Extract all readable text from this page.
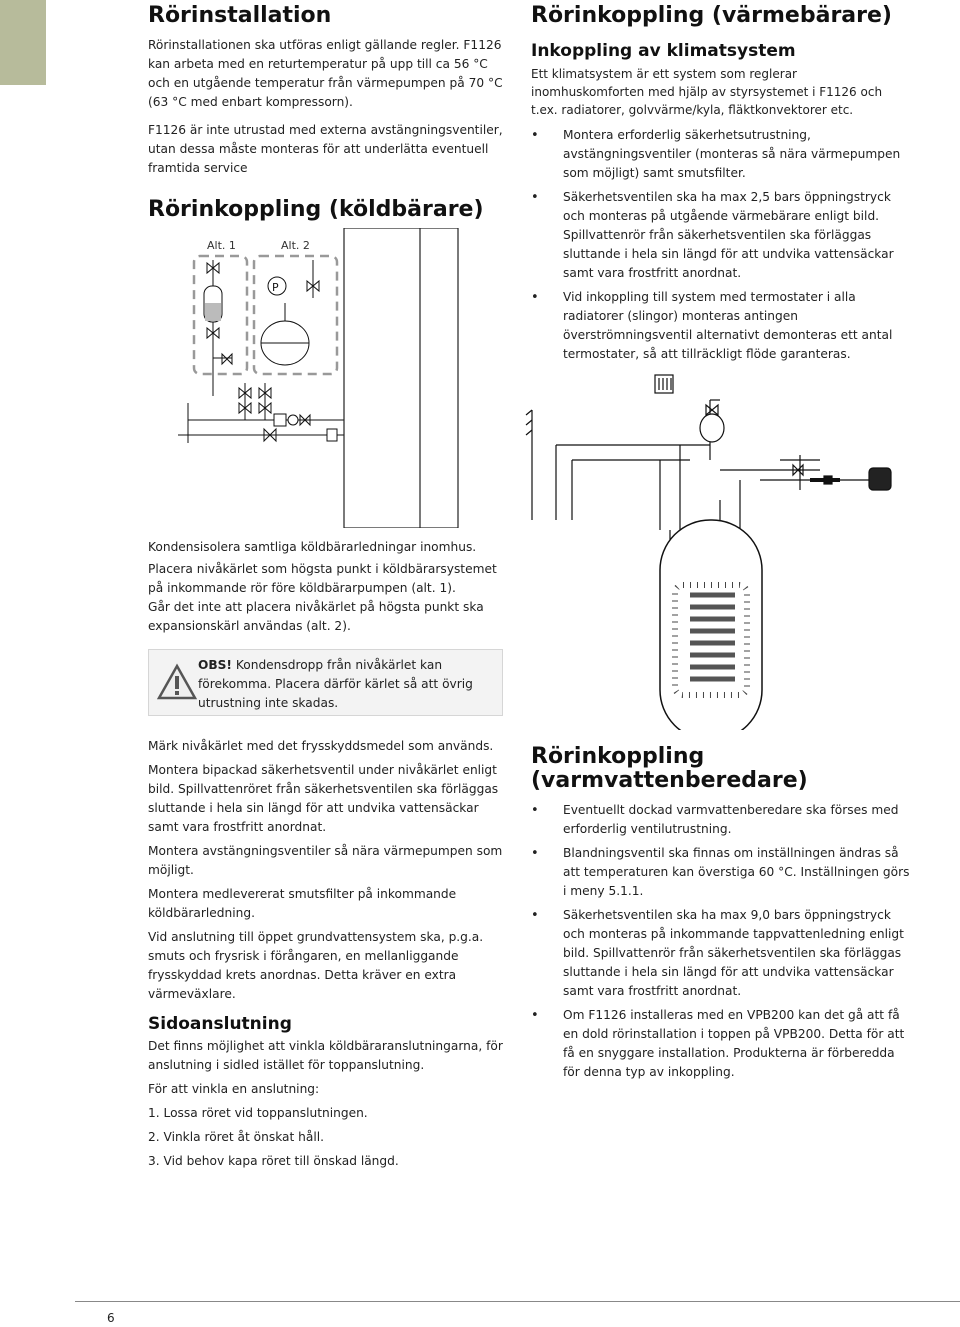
Rörinstallation

Rörinstallationen ska utföras enligt gällande regler. F1126 kan arbeta med en returtemperatur på upp till ca 56 °C och en utgående temperatur från värmepumpen på 70 °C (63 °C med enbart kompressorn).

F1126 är inte utrustad med externa avstängningsventiler, utan dessa måste monteras för att underlätta eventuell framtida service

Rörinkoppling (köldbärare)
Alt. 1	Alt. 2
P

Kondensisolera samtliga köldbärarledningar inomhus.

Placera nivåkärlet som högsta punkt i köldbärarsystemet på inkommande rör före köldbärarpumpen (alt. 1).

Går det inte att placera nivåkärlet på högsta punkt ska expansionskärl användas (alt. 2).

OBS! Kondensdropp från nivåkärlet kan förekomma. Placera därför kärlet så att övrig utrustning inte skadas.

Märk nivåkärlet med det frysskyddsmedel som används.

Montera bipackad säkerhetsventil under nivåkärlet enligt bild. Spillvattenröret från säkerhetsventilen ska förläggas sluttande i hela sin längd för att undvika vattensäckar samt vara frostfritt anordnat.

Montera avstängningsventiler så nära värmepumpen som möjligt.

Montera medlevererat smutsfilter på inkommande köldbärarledning.

Vid anslutning till öppet grundvattensystem ska, p.g.a. smuts och frysrisk i förångaren, en mellanliggande frysskyddad krets anordnas. Detta kräver en extra värmeväxlare.

Sidoanslutning

Det finns möjlighet att vinkla köldbäraranslutningarna, för anslutning i sidled istället för toppanslutning.

För att vinkla en anslutning:

1. Lossa röret vid toppanslutningen.

2. Vinkla röret åt önskat håll.

3. Vid behov kapa röret till önskad längd.

Rörinkoppling (värmebärare)
Inkoppling av klimatsystem

Ett klimatsystem är ett system som reglerar inomhuskomforten med hjälp av styrsystemet i F1126 och t.ex. radiatorer, golvvärme/kyla, fläktkonvektorer etc.

• Montera erforderlig säkerhetsutrustning, avstängningsventiler (monteras så nära värmepumpen som möjligt) samt smutsfilter.
• Säkerhetsventilen ska ha max 2,5 bars öppningstryck och monteras på utgående värmebärare enligt bild. Spillvattenrör från säkerhetsventilen ska förläggas sluttande i hela sin längd för att undvika vattensäckar samt vara frostfritt anordnat.
• Vid inkoppling till system med termostater i alla radiatorer (slingor) monteras antingen överströmningsventil alternativt demonteras ett antal termostater, så att tillräckligt flöde garanteras.
Rörinkoppling (varmvattenberedare)
• Eventuellt dockad varmvattenberedare ska förses med erforderlig ventilutrustning.
• Blandningsventil ska finnas om inställningen ändras så att temperaturen kan överstiga 60 °C. Inställningen görs i meny 5.1.1.
• Säkerhetsventilen ska ha max 9,0 bars öppningstryck och monteras på inkommande tappvattenledning enligt bild. Spillvattenrör från säkerhetsventilen ska förläggas sluttande i hela sin längd för att undvika vattensäckar samt vara frostfritt anordnat.
• Om F1126 installeras med en VPB200 kan det gå att få en dold rörinstallation i toppen på VPB200. Detta för att få en snyggare installation. Produkterna är förberedda för denna typ av inkoppling.
6
